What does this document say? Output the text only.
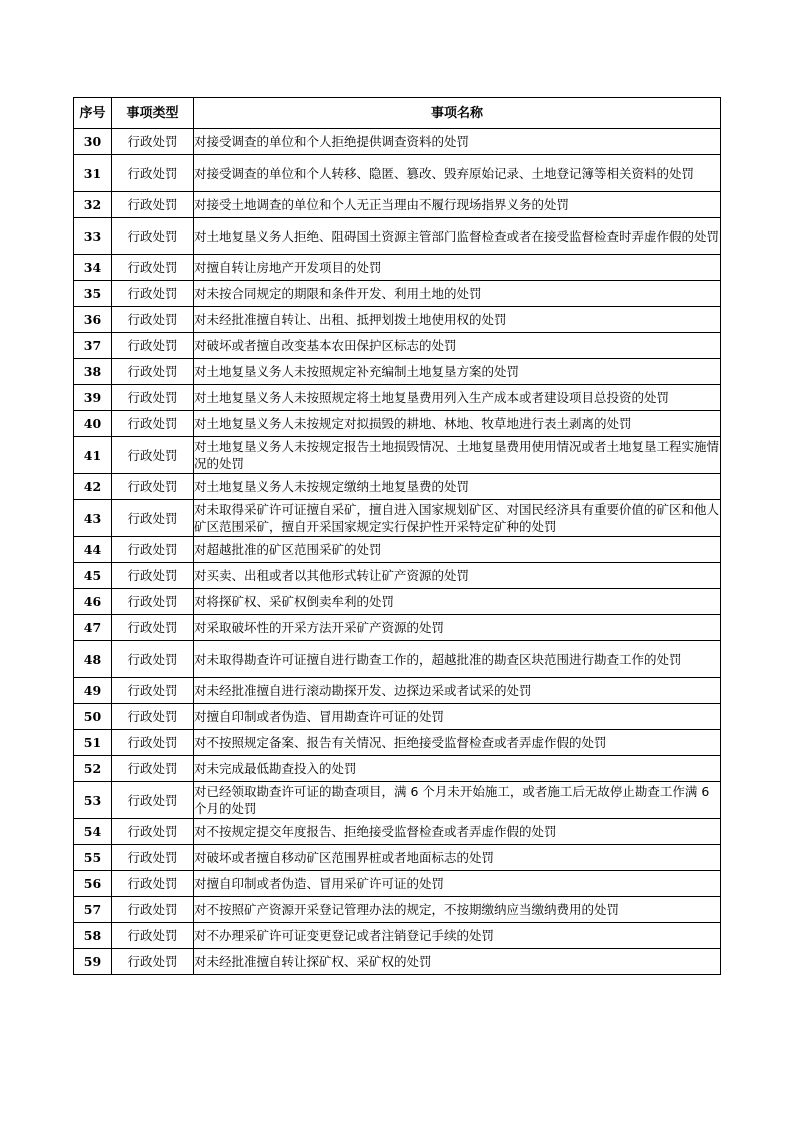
序号	事项类型	事项名称
30	行政处罚	对接受调查的单位和个人拒绝提供调查资料的处罚
31	行政处罚	对接受调查的单位和个人转移、隐匿、篡改、毁弃原始记录、土地登记簿等相关资料的处罚
32	行政处罚	对接受土地调查的单位和个人无正当理由不履行现场指界义务的处罚
33	行政处罚	对土地复垦义务人拒绝、阻碍国土资源主管部门监督检查或者在接受监督检查时弄虚作假的处罚
34	行政处罚	对擅自转让房地产开发项目的处罚
35	行政处罚	对未按合同规定的期限和条件开发、利用土地的处罚
36	行政处罚	对未经批准擅自转让、出租、抵押划拨土地使用权的处罚
37	行政处罚	对破坏或者擅自改变基本农田保护区标志的处罚
38	行政处罚	对土地复垦义务人未按照规定补充编制土地复垦方案的处罚
39	行政处罚	对土地复垦义务人未按照规定将土地复垦费用列入生产成本或者建设项目总投资的处罚
40	行政处罚	对土地复垦义务人未按规定对拟损毁的耕地、林地、牧草地进行表土剥离的处罚
41	行政处罚	对土地复垦义务人未按规定报告土地损毁情况、土地复垦费用使用情况或者土地复垦工程实施情况的处罚
42	行政处罚	对土地复垦义务人未按规定缴纳土地复垦费的处罚
43	行政处罚	对未取得采矿许可证擅自采矿，擅自进入国家规划矿区、对国民经济具有重要价值的矿区和他人矿区范围采矿，擅自开采国家规定实行保护性开采特定矿种的处罚
44	行政处罚	对超越批准的矿区范围采矿的处罚
45	行政处罚	对买卖、出租或者以其他形式转让矿产资源的处罚
46	行政处罚	对将探矿权、采矿权倒卖牟利的处罚
47	行政处罚	对采取破坏性的开采方法开采矿产资源的处罚
48	行政处罚	对未取得勘查许可证擅自进行勘查工作的，超越批准的勘查区块范围进行勘查工作的处罚
49	行政处罚	对未经批准擅自进行滚动勘探开发、边探边采或者试采的处罚
50	行政处罚	对擅自印制或者伪造、冒用勘查许可证的处罚
51	行政处罚	对不按照规定备案、报告有关情况、拒绝接受监督检查或者弄虚作假的处罚
52	行政处罚	对未完成最低勘查投入的处罚
53	行政处罚	对已经领取勘查许可证的勘查项目，满 6 个月未开始施工，或者施工后无故停止勘查工作满 6 个月的处罚
54	行政处罚	对不按规定提交年度报告、拒绝接受监督检查或者弄虚作假的处罚
55	行政处罚	对破坏或者擅自移动矿区范围界桩或者地面标志的处罚
56	行政处罚	对擅自印制或者伪造、冒用采矿许可证的处罚
57	行政处罚	对不按照矿产资源开采登记管理办法的规定，不按期缴纳应当缴纳费用的处罚
58	行政处罚	对不办理采矿许可证变更登记或者注销登记手续的处罚
59	行政处罚	对未经批准擅自转让探矿权、采矿权的处罚
